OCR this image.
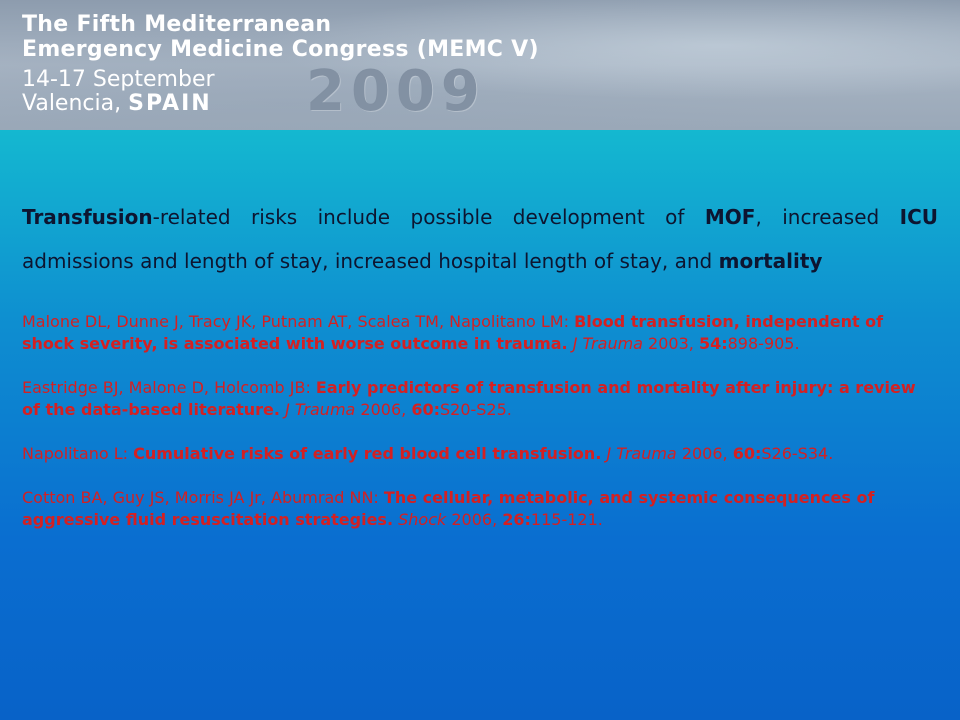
The Fifth Mediterranean
Emergency Medicine Congress (MEMC V)
14-17 September
Valencia, SPAIN 2009

Transfusion-related risks include possible development of MOF, increased ICU admissions and length of stay, increased hospital length of stay, and mortality

Malone DL, Dunne J, Tracy JK, Putnam AT, Scalea TM, Napolitano LM: Blood transfusion, independent of shock severity, is associated with worse outcome in trauma. J Trauma 2003, 54:898-905.

Eastridge BJ, Malone D, Holcomb JB: Early predictors of transfusion and mortality after injury: a review of the data-based literature. J Trauma 2006, 60:S20-S25.

Napolitano L: Cumulative risks of early red blood cell transfusion. J Trauma 2006, 60:S26-S34.

Cotton BA, Guy JS, Morris JA Jr, Abumrad NN: The cellular, metabolic, and systemic consequences of aggressive fluid resuscitation strategies. Shock 2006, 26:115-121.
